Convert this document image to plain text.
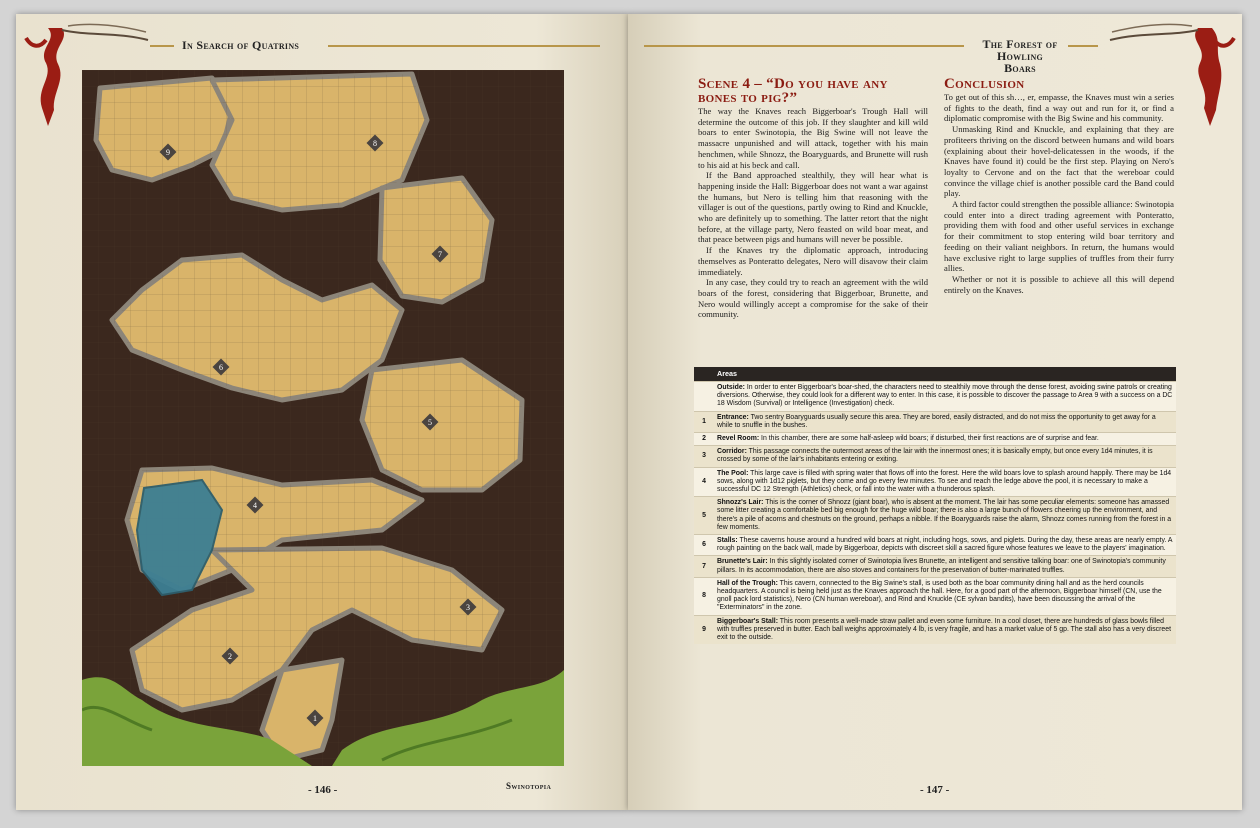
In Search of Quatrins
9
8
7
6
5
4
3
2
1
- 146 -	Swinotopia
The Forest of
Howling Boars
Scene 4 – “Do you have any
bones to pig?”

The way the Knaves reach Biggerboar's Trough Hall will determine the outcome of this job. If they slaughter and kill wild boars to enter Swinotopia, the Big Swine will not leave the massacre unpunished and will attack, together with his main henchmen, while Shnozz, the Boaryguards, and Brunette will rush to his aid at his beck and call.

If the Band approached stealthily, they will hear what is happening inside the Hall: Biggerboar does not want a war against the humans, but Nero is telling him that reasoning with the villager is out of the questions, partly owing to Rind and Knuckle, who are definitely up to something. The latter retort that the night before, at the village party, Nero feasted on wild boar meat, and that peace between pigs and humans will never be possible.

If the Knaves try the diplomatic approach, introducing themselves as Ponteratto delegates, Nero will disavow their claim immediately.

In any case, they could try to reach an agreement with the wild boars of the forest, considering that Biggerboar, Brunette, and Nero would willingly accept a compromise for the sake of their community.

Conclusion

To get out of this sh…, er, empasse, the Knaves must win a series of fights to the death, find a way out and run for it, or find a diplomatic compromise with the Big Swine and his community.

Unmasking Rind and Knuckle, and explaining that they are profiteers thriving on the discord between humans and wild boars (explaining about their hovel-delicatessen in the woods, if the Knaves have found it) could be the first step. Playing on Nero's loyalty to Cervone and on the fact that the wereboar could convince the village chief is another possible card the Band could play.

A third factor could strengthen the possible alliance: Swinotopia could enter into a direct trading agreement with Ponteratto, providing them with food and other useful services in exchange for their commitment to stop entering wild boar territory and feeding on their valiant neighbors. In return, the humans would have exclusive right to large supplies of truffles from their furry allies.

Whether or not it is possible to achieve all this will depend entirely on the Knaves.

	Areas
	Outside: In order to enter Biggerboar's boar-shed, the characters need to stealthily move through the dense forest, avoiding swine patrols or creating diversions. Otherwise, they could look for a different way to enter. In this case, it is possible to discover the passage to Area 9 with a success on a DC 18 Wisdom (Survival) or Intelligence (Investigation) check.
1	Entrance: Two sentry Boaryguards usually secure this area. They are bored, easily distracted, and do not miss the opportunity to get away for a while to snuffle in the bushes.
2	Revel Room: In this chamber, there are some half-asleep wild boars; if disturbed, their first reactions are of surprise and fear.
3	Corridor: This passage connects the outermost areas of the lair with the innermost ones; it is basically empty, but once every 1d4 minutes, it is crossed by some of the lair's inhabitants entering or exiting.
4	The Pool: This large cave is filled with spring water that flows off into the forest. Here the wild boars love to splash around happily. There may be 1d4 sows, along with 1d12 piglets, but they come and go every few minutes. To see and reach the ledge above the pool, it is necessary to make a successful DC 12 Strength (Athletics) check, or fall into the water with a thunderous splash.
5	Shnozz's Lair: This is the corner of Shnozz (giant boar), who is absent at the moment. The lair has some peculiar elements: someone has amassed some litter creating a comfortable bed big enough for the huge wild boar; there is also a large bunch of flowers cheering up the environment, and there's a pile of acorns and chestnuts on the ground, perhaps a nibble. If the Boaryguards raise the alarm, Shnozz comes running from the forest in a few moments.
6	Stalls: These caverns house around a hundred wild boars at night, including hogs, sows, and piglets. During the day, these areas are nearly empty. A rough painting on the back wall, made by Biggerboar, depicts with discreet skill a sacred figure whose features we leave to the players' imagination.
7	Brunette's Lair: In this slightly isolated corner of Swinotopia lives Brunette, an intelligent and sensitive talking boar: one of Swinotopia's community pillars. In its accommodation, there are also stoves and containers for the preservation of butter-marinated truffles.
8	Hall of the Trough: This cavern, connected to the Big Swine's stall, is used both as the boar community dining hall and as the herd councils headquarters. A council is being held just as the Knaves approach the hall. Here, for a good part of the afternoon, Biggerboar himself (CN, use the gnoll pack lord statistics), Nero (CN human wereboar), and Rind and Knuckle (CE sylvan bandits), have been discussing the arrival of the "Exterminators" in the zone.
9	Biggerboar's Stall: This room presents a well-made straw pallet and even some furniture. In a cool closet, there are hundreds of glass bowls filled with truffles preserved in butter. Each ball weighs approximately 4 lb, is very fragile, and has a market value of 5 gp. The stall also has a very discreet exit to the outside.
- 147 -
